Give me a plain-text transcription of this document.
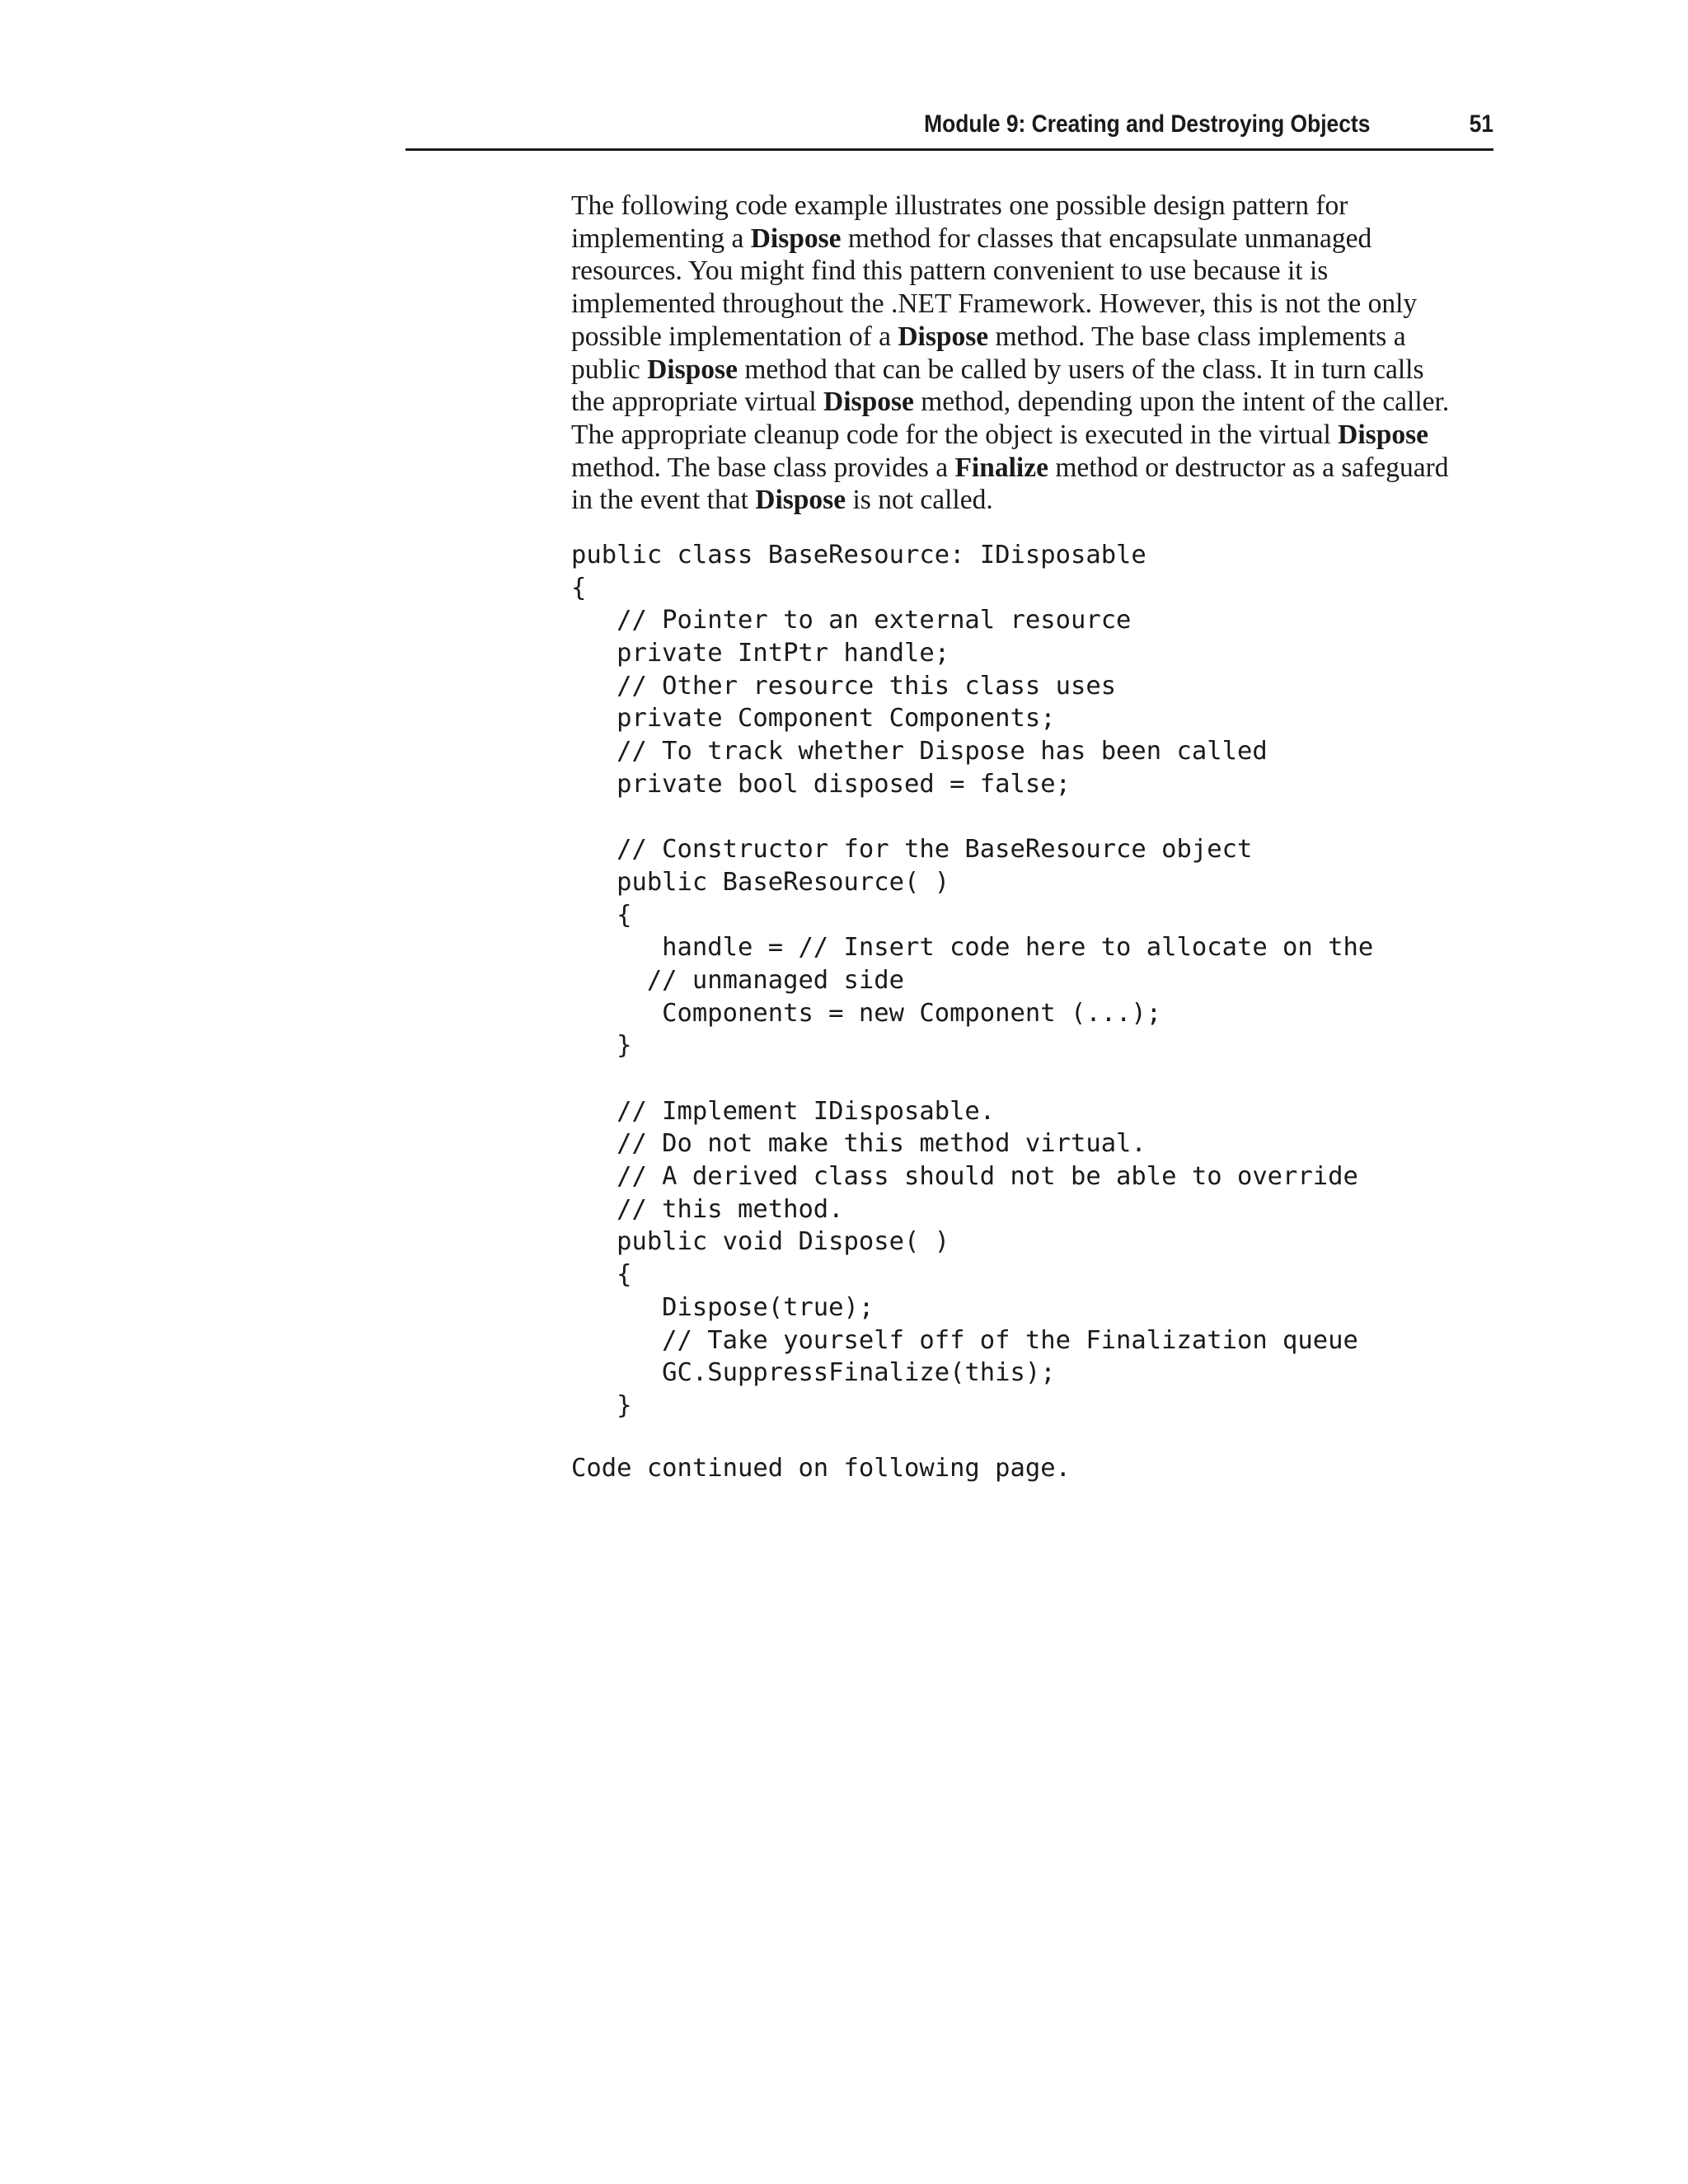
Module 9: Creating and Destroying Objects	51

The following code example illustrates one possible design pattern for
implementing a Dispose method for classes that encapsulate unmanaged
resources. You might find this pattern convenient to use because it is
implemented throughout the .NET Framework. However, this is not the only
possible implementation of a Dispose method. The base class implements a
public Dispose method that can be called by users of the class. It in turn calls
the appropriate virtual Dispose method, depending upon the intent of the caller.
The appropriate cleanup code for the object is executed in the virtual Dispose
method. The base class provides a Finalize method or destructor as a safeguard
in the event that Dispose is not called.

public class BaseResource: IDisposable
{
// Pointer to an external resource
private IntPtr handle;
// Other resource this class uses
private Component Components;
// To track whether Dispose has been called
private bool disposed = false;
// Constructor for the BaseResource object
public BaseResource( )
{
handle = // Insert code here to allocate on the
// unmanaged side
Components = new Component (...);
}
// Implement IDisposable.
// Do not make this method virtual.
// A derived class should not be able to override
// this method.
public void Dispose( )
{
Dispose(true);
// Take yourself off of the Finalization queue
GC.SuppressFinalize(this);
}
Code continued on following page.
